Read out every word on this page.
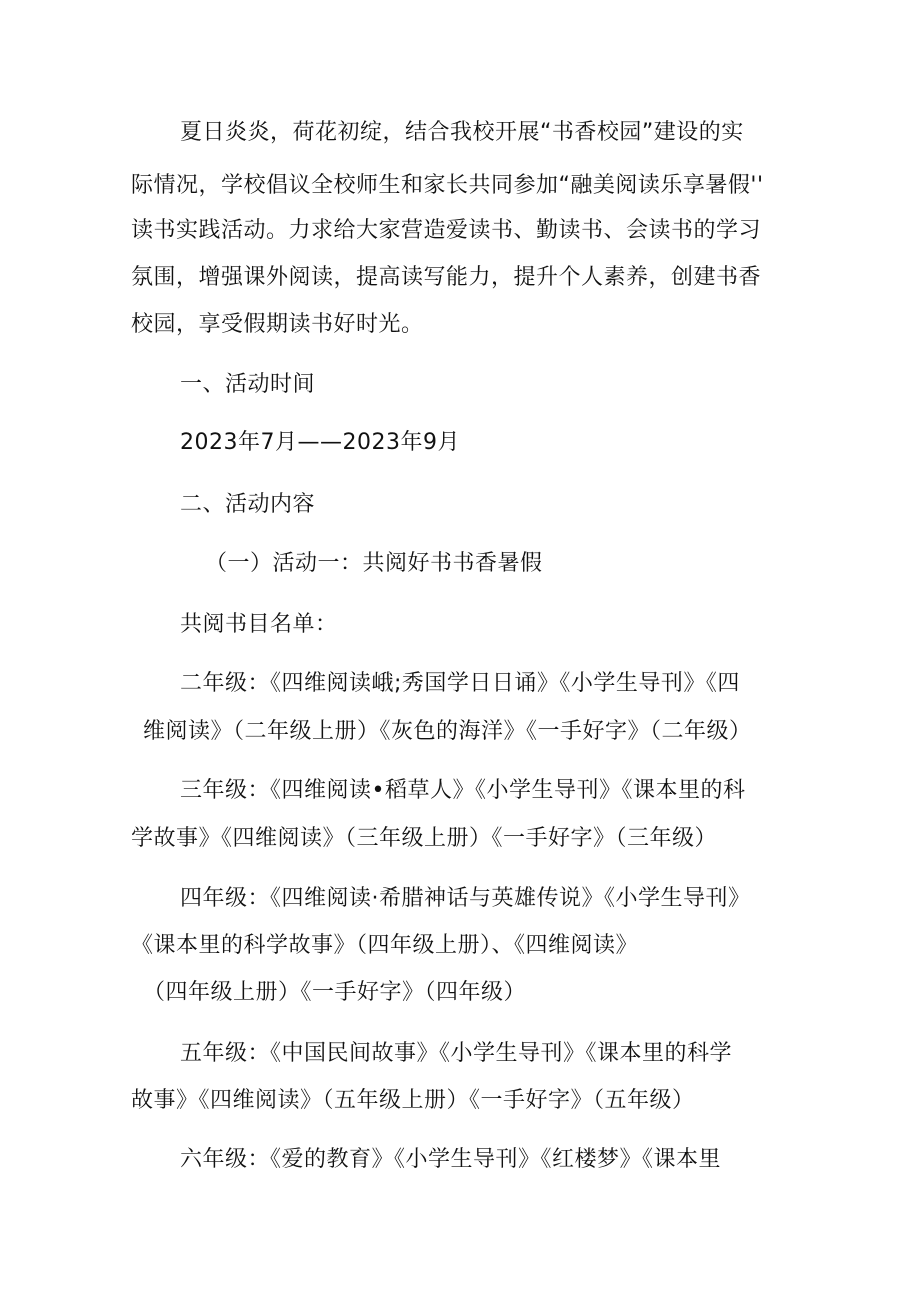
夏日炎炎，荷花初绽，结合我校开展“书香校园”建设的实
际情况，学校倡议全校师生和家长共同参加“融美阅读乐享暑假''
读书实践活动。力求给大家营造爱读书、勤读书、会读书的学习
氛围，增强课外阅读，提高读写能力，提升个人素养，创建书香
校园，享受假期读书好时光。
一、活动时间
2023年7月——2023年9月
二、活动内容
（一）活动一：共阅好书书香暑假
共阅书目名单：
二年级：《四维阅读峨;秀国学日日诵》《小学生导刊》《四
维阅读》（二年级上册）《灰色的海洋》《一手好字》（二年级）
三年级：《四维阅读•稻草人》《小学生导刊》《课本里的科
学故事》《四维阅读》（三年级上册）《一手好字》（三年级）
四年级：《四维阅读·希腊神话与英雄传说》《小学生导刊》
《课本里的科学故事》（四年级上册）、《四维阅读》
（四年级上册）《一手好字》（四年级）
五年级：《中国民间故事》《小学生导刊》《课本里的科学
故事》《四维阅读》（五年级上册）《一手好字》（五年级）
六年级：《爱的教育》《小学生导刊》《红楼梦》《课本里
